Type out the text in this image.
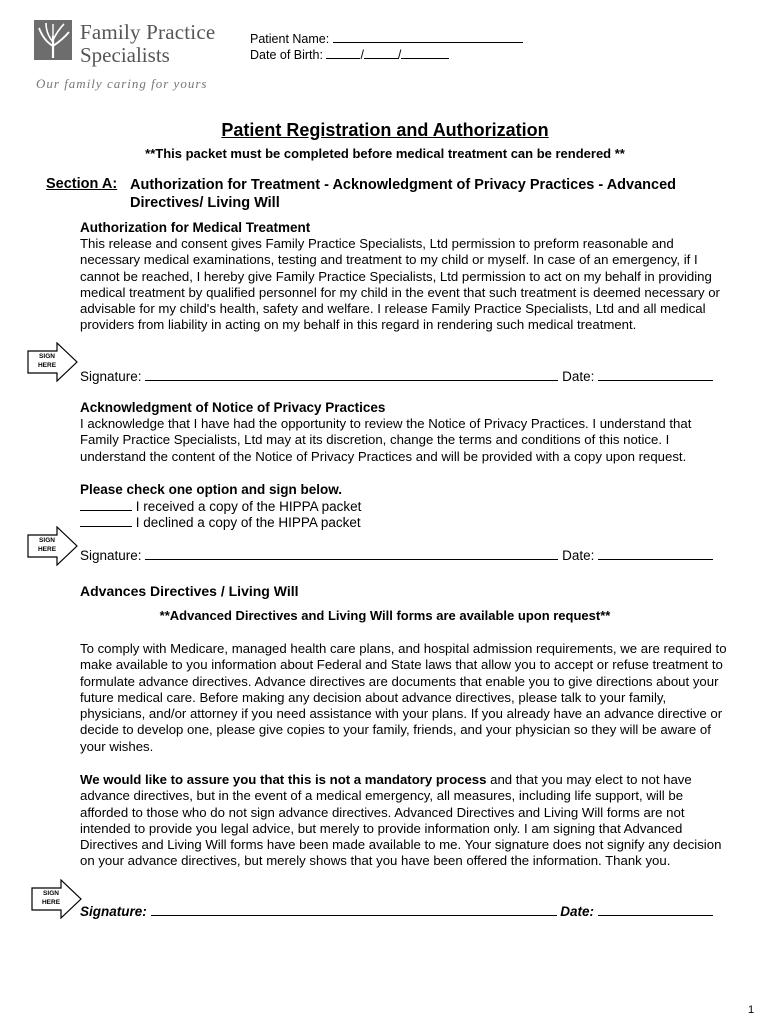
Family Practice
Specialists
Our family caring for yours
Patient Name:
Date of Birth:	/	/
Patient Registration and Authorization
**This packet must be completed before medical treatment can be rendered **
Section A: Authorization for Treatment - Acknowledgment of Privacy Practices - Advanced Directives/ Living Will
Authorization for Medical Treatment
This release and consent gives Family Practice Specialists, Ltd permission to preform reasonable and necessary medical examinations, testing and treatment to my child or myself. In case of an emergency, if I cannot be reached, I hereby give Family Practice Specialists, Ltd permission to act on my behalf in providing medical treatment by qualified personnel for my child in the event that such treatment is deemed necessary or advisable for my child's health, safety and welfare. I release Family Practice Specialists, Ltd and all medical providers from liability in acting on my behalf in this regard in rendering such medical treatment.
SIGN
HERE
Signature:	Date:
Acknowledgment of Notice of Privacy Practices
I acknowledge that I have had the opportunity to review the Notice of Privacy Practices. I understand that Family Practice Specialists, Ltd may at its discretion, change the terms and conditions of this notice. I understand the content of the Notice of Privacy Practices and will be provided with a copy upon request.
Please check one option and sign below.
I received a copy of the HIPPA packet
I declined a copy of the HIPPA packet
SIGN
HERE	Signature:	Date:
Advances Directives / Living Will
**Advanced Directives and Living Will forms are available upon request**
To comply with Medicare, managed health care plans, and hospital admission requirements, we are required to make available to you information about Federal and State laws that allow you to accept or refuse treatment to formulate advance directives. Advance directives are documents that enable you to give directions about your future medical care. Before making any decision about advance directives, please talk to your family, physicians, and/or attorney if you need assistance with your plans. If you already have an advance directive or decide to develop one, please give copies to your family, friends, and your physician so they will be aware of your wishes.
We would like to assure you that this is not a mandatory process and that you may elect to not have advance directives, but in the event of a medical emergency, all measures, including life support, will be afforded to those who do not sign advance directives. Advanced Directives and Living Will forms are not intended to provide you legal advice, but merely to provide information only. I am signing that Advanced Directives and Living Will forms have been made available to me. Your signature does not signify any decision on your advance directives, but merely shows that you have been offered the information. Thank you.
SIGN
HERE
Signature:	Date:
1
